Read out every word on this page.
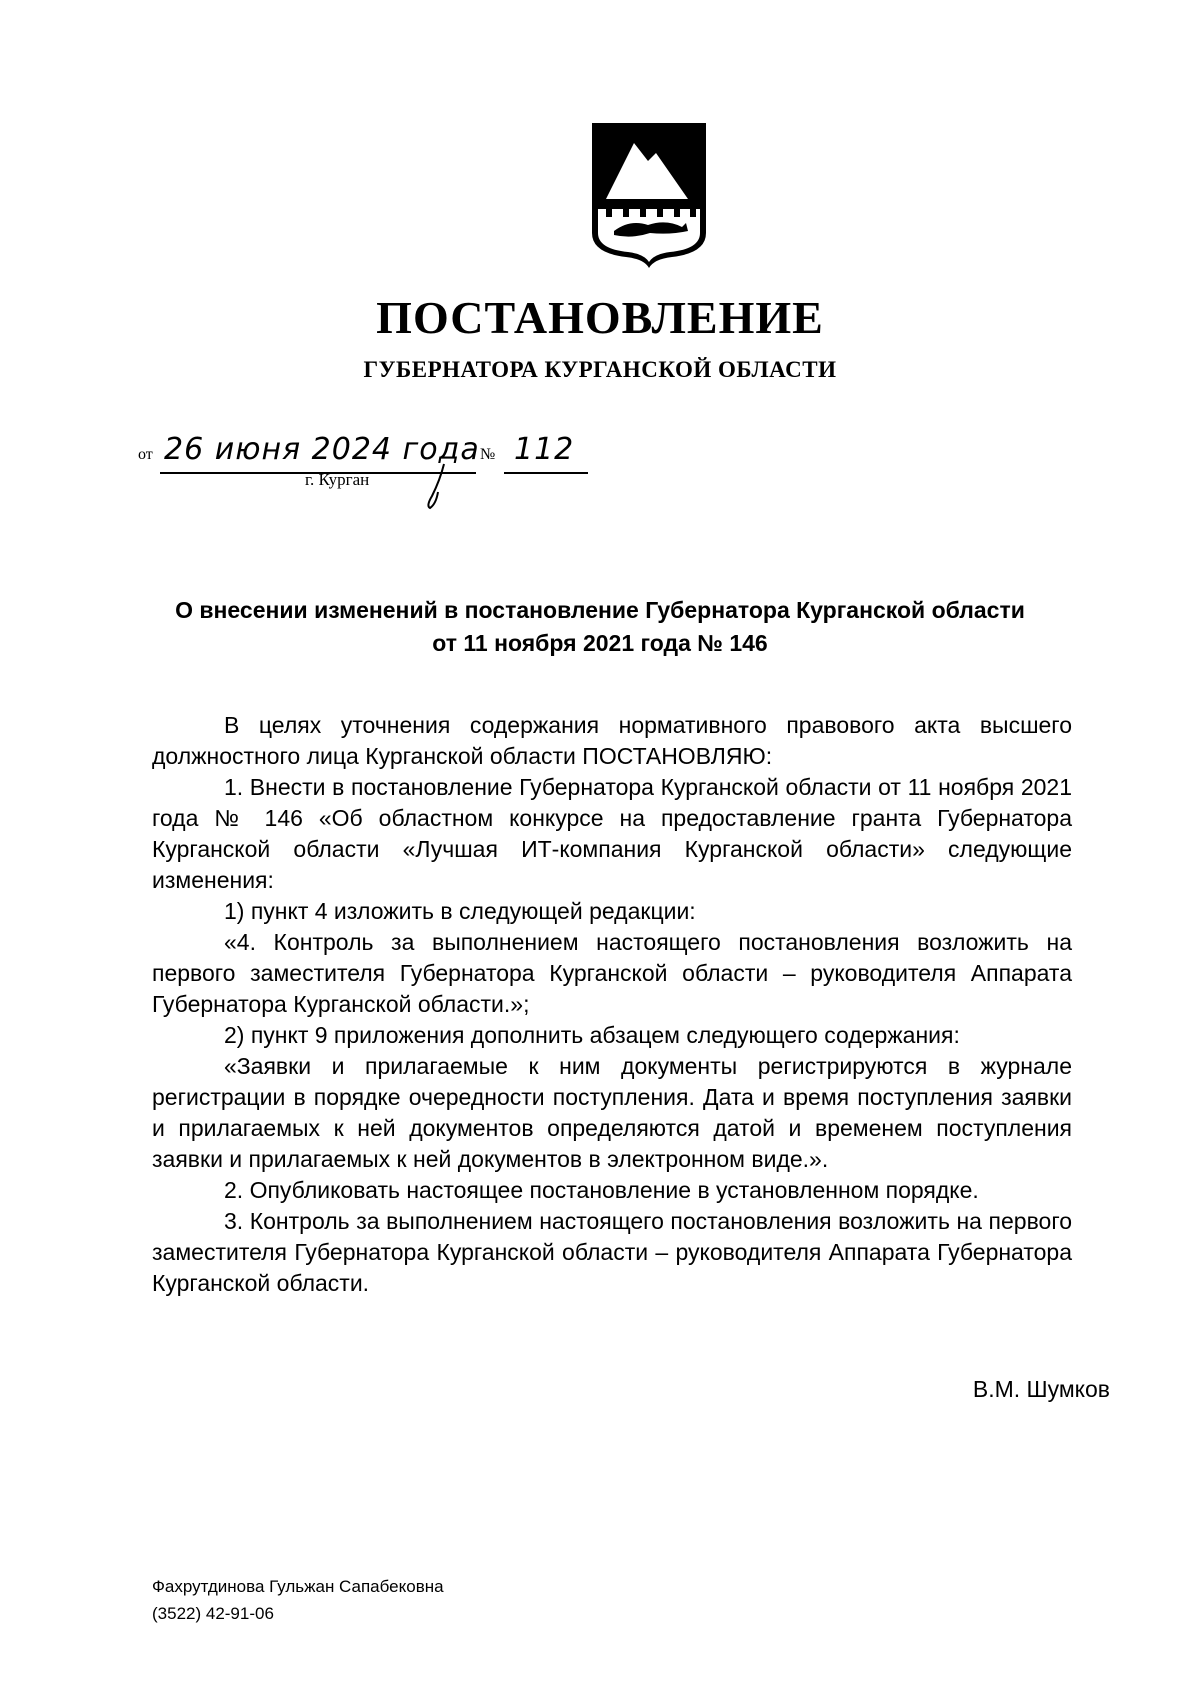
ПОСТАНОВЛЕНИЕ
ГУБЕРНАТОРА КУРГАНСКОЙ ОБЛАСТИ
от 26 июня 2024 года № 112
г. Курган
О внесении изменений в постановление Губернатора Курганской области
от 11 ноября 2021 года № 146

В целях уточнения содержания нормативного правового акта высшего должностного лица Курганской области ПОСТАНОВЛЯЮ:

1. Внести в постановление Губернатора Курганской области от 11 ноября 2021 года № 146 «Об областном конкурсе на предоставление гранта Губернатора Курганской области «Лучшая ИТ-компания Курганской области» следующие изменения:

1) пункт 4 изложить в следующей редакции:

«4. Контроль за выполнением настоящего постановления возложить на первого заместителя Губернатора Курганской области – руководителя Аппарата Губернатора Курганской области.»;

2) пункт 9 приложения дополнить абзацем следующего содержания:

«Заявки и прилагаемые к ним документы регистрируются в журнале регистрации в порядке очередности поступления. Дата и время поступления заявки и прилагаемых к ней документов определяются датой и временем поступления заявки и прилагаемых к ней документов в электронном виде.».

2. Опубликовать настоящее постановление в установленном порядке.

3. Контроль за выполнением настоящего постановления возложить на первого заместителя Губернатора Курганской области – руководителя Аппарата Губернатора Курганской области.

В.М. Шумков
Фахрутдинова Гульжан Сапабековна
(3522) 42-91-06
